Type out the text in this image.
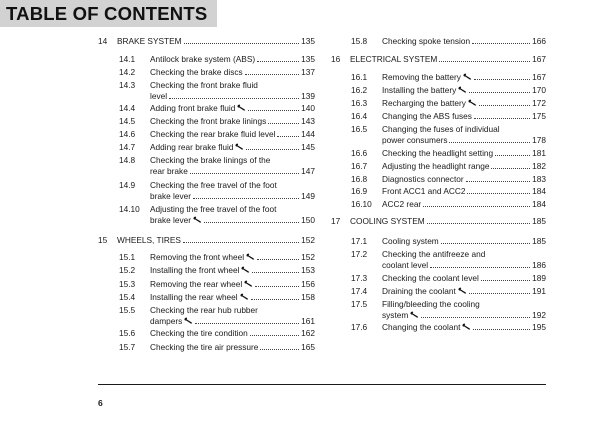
TABLE OF CONTENTS
14 BRAKE SYSTEM	135
14.1 Antilock brake system (ABS)	135
14.2 Checking the brake discs	137
14.3 Checking the front brake fluid
level	139
14.4 Adding front brake fluid	140
14.5 Checking the front brake linings	143
14.6 Checking the rear brake fluid level	144
14.7 Adding rear brake fluid	145
14.8 Checking the brake linings of the
rear brake	147
14.9 Checking the free travel of the foot
brake lever	149
14.10 Adjusting the free travel of the foot
brake lever	150
15 WHEELS, TIRES	152
15.1 Removing the front wheel	152
15.2 Installing the front wheel	153
15.3 Removing the rear wheel	156
15.4 Installing the rear wheel	158
15.5 Checking the rear hub rubber
dampers	161
15.6 Checking the tire condition	162
15.7 Checking the tire air pressure	165
15.8 Checking spoke tension	166
16 ELECTRICAL SYSTEM	167
16.1 Removing the battery	167
16.2 Installing the battery	170
16.3 Recharging the battery	172
16.4 Changing the ABS fuses	175
16.5 Changing the fuses of individual
power consumers	178
16.6 Checking the headlight setting	181
16.7 Adjusting the headlight range	182
16.8 Diagnostics connector	183
16.9 Front ACC1 and ACC2	184
16.10 ACC2 rear	184
17 COOLING SYSTEM	185
17.1 Cooling system	185
17.2 Checking the antifreeze and
coolant level	186
17.3 Checking the coolant level	189
17.4 Draining the coolant	191
17.5 Filling/bleeding the cooling
system	192
17.6 Changing the coolant	195
6
